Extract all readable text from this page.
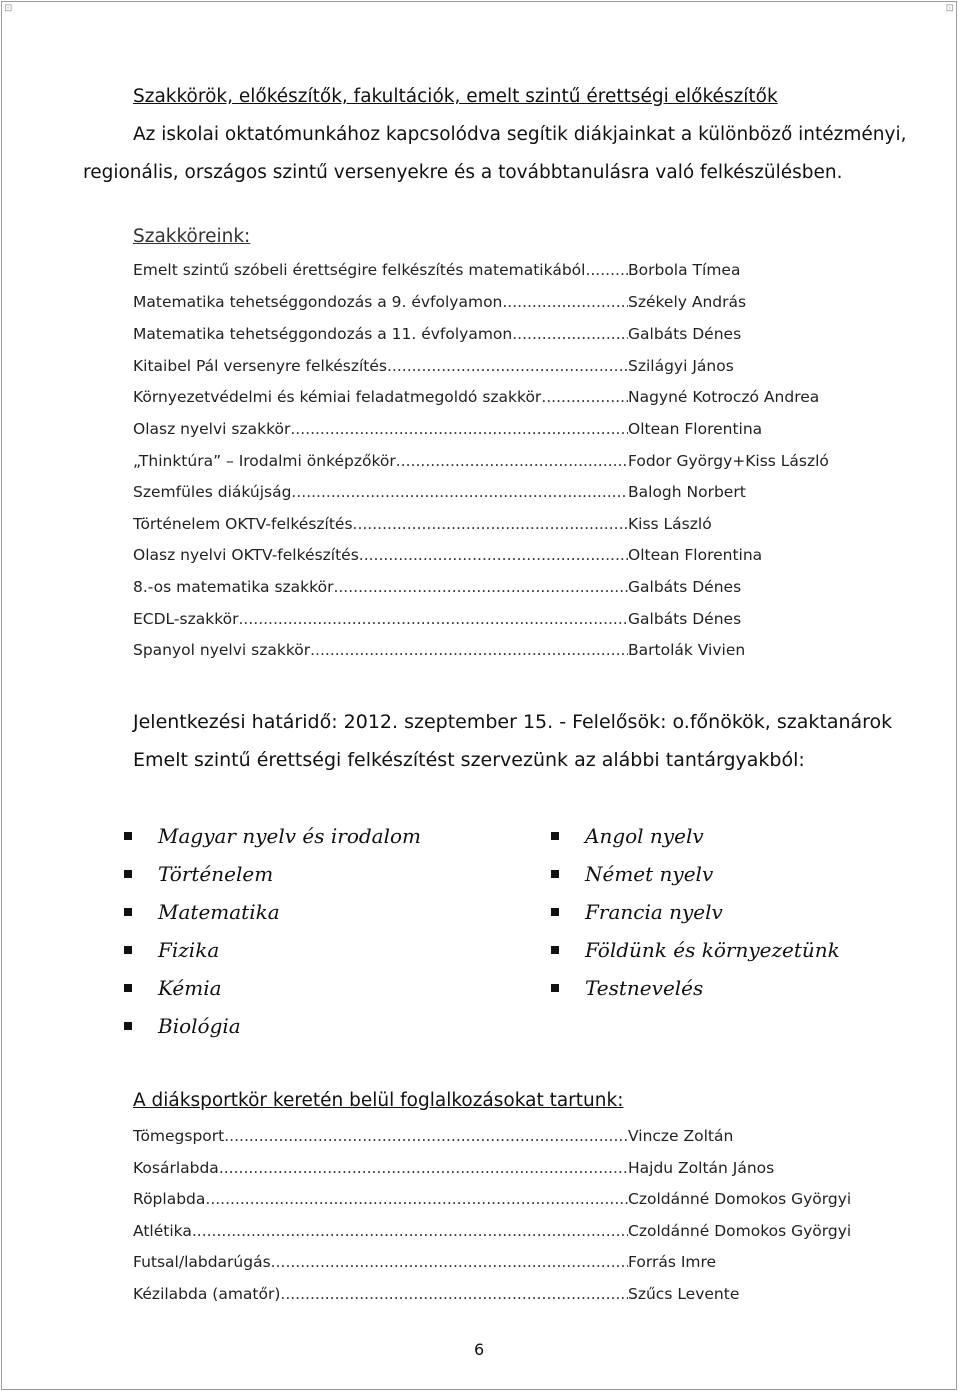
⊡	⊡
Szakkörök, előkészítők, fakultációk, emelt szintű érettségi előkészítők
Az iskolai oktatómunkához kapcsolódva segítik diákjainkat a különböző intézményi,
regionális, országos szintű versenyekre és a továbbtanulásra való felkészülésben.
Szakköreink:
Emelt szintű szóbeli érettségire felkészítés matematikából .....	Borbola Tímea
Matematika tehetséggondozás a 9. évfolyamon .....	Székely András
Matematika tehetséggondozás a 11. évfolyamon .....	Galbáts Dénes
Kitaibel Pál versenyre felkészítés .....	Szilágyi János
Környezetvédelmi és kémiai feladatmegoldó szakkör .....	Nagyné Kotroczó Andrea
Olasz nyelvi szakkör .....	Oltean Florentina
„Thinktúra” – Irodalmi önképzőkör .....	Fodor György+Kiss László
Szemfüles diákújság .....	Balogh Norbert
Történelem OKTV-felkészítés .....	Kiss László
Olasz nyelvi OKTV-felkészítés .....	Oltean Florentina
8.-os matematika szakkör .....	Galbáts Dénes
ECDL-szakkör .....	Galbáts Dénes
Spanyol nyelvi szakkör .....	Bartolák Vivien
Jelentkezési határidő: 2012. szeptember 15. - Felelősök: o.főnökök, szaktanárok
Emelt szintű érettségi felkészítést szervezünk az alábbi tantárgyakból:
Magyar nyelv és irodalom
Történelem
Matematika
Fizika
Kémia
Biológia
Angol nyelv
Német nyelv
Francia nyelv
Földünk és környezetünk
Testnevelés
A diáksportkör keretén belül foglalkozásokat tartunk:
Tömegsport .....	Vincze Zoltán
Kosárlabda .....	Hajdu Zoltán János
Röplabda .....	Czoldánné Domokos Györgyi
Atlétika .....	Czoldánné Domokos Györgyi
Futsal/labdarúgás .....	Forrás Imre
Kézilabda (amatőr) .....	Szűcs Levente
6
